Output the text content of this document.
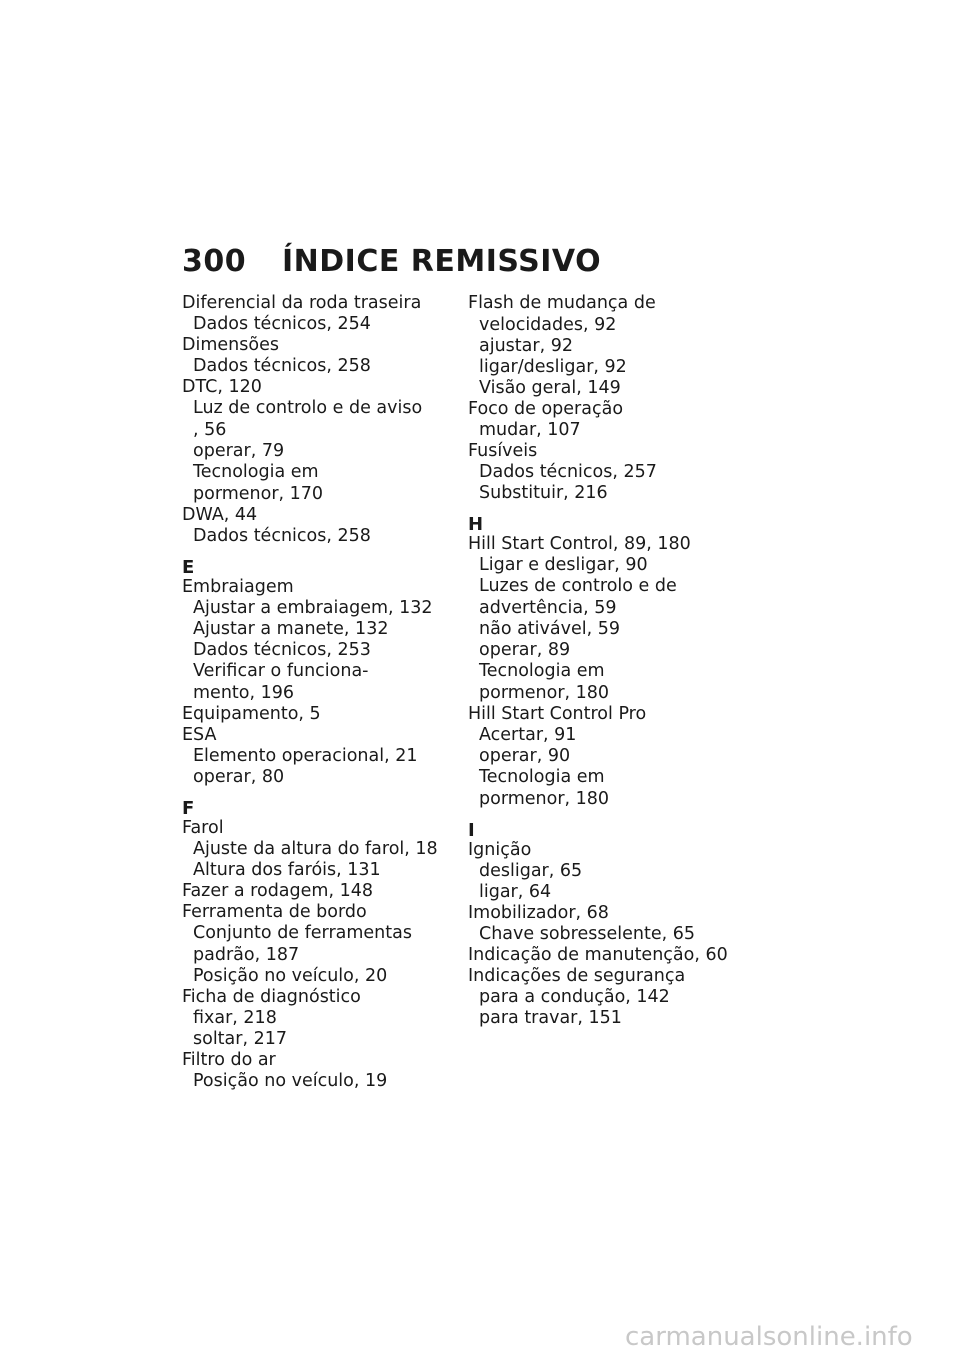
300	ÍNDICE REMISSIVO
Diferencial da roda traseira
Dados técnicos, 254
Dimensões
Dados técnicos, 258
DTC, 120
Luz de controlo e de aviso
, 56
operar, 79
Tecnologia em
pormenor, 170
DWA, 44
Dados técnicos, 258
E
Embraiagem
Ajustar a embraiagem, 132
Ajustar a manete, 132
Dados técnicos, 253
Verificar o funciona-
mento, 196
Equipamento, 5
ESA
Elemento operacional, 21
operar, 80
F
Farol
Ajuste da altura do farol, 18
Altura dos faróis, 131
Fazer a rodagem, 148
Ferramenta de bordo
Conjunto de ferramentas
padrão, 187
Posição no veículo, 20
Ficha de diagnóstico
fixar, 218
soltar, 217
Filtro do ar
Posição no veículo, 19
Flash de mudança de
velocidades, 92
ajustar, 92
ligar/desligar, 92
Visão geral, 149
Foco de operação
mudar, 107
Fusíveis
Dados técnicos, 257
Substituir, 216
H
Hill Start Control, 89, 180
Ligar e desligar, 90
Luzes de controlo e de
advertência, 59
não ativável, 59
operar, 89
Tecnologia em
pormenor, 180
Hill Start Control Pro
Acertar, 91
operar, 90
Tecnologia em
pormenor, 180
I
Ignição
desligar, 65
ligar, 64
Imobilizador, 68
Chave sobresselente, 65
Indicação de manutenção, 60
Indicações de segurança
para a condução, 142
para travar, 151
carmanualsonline.info
